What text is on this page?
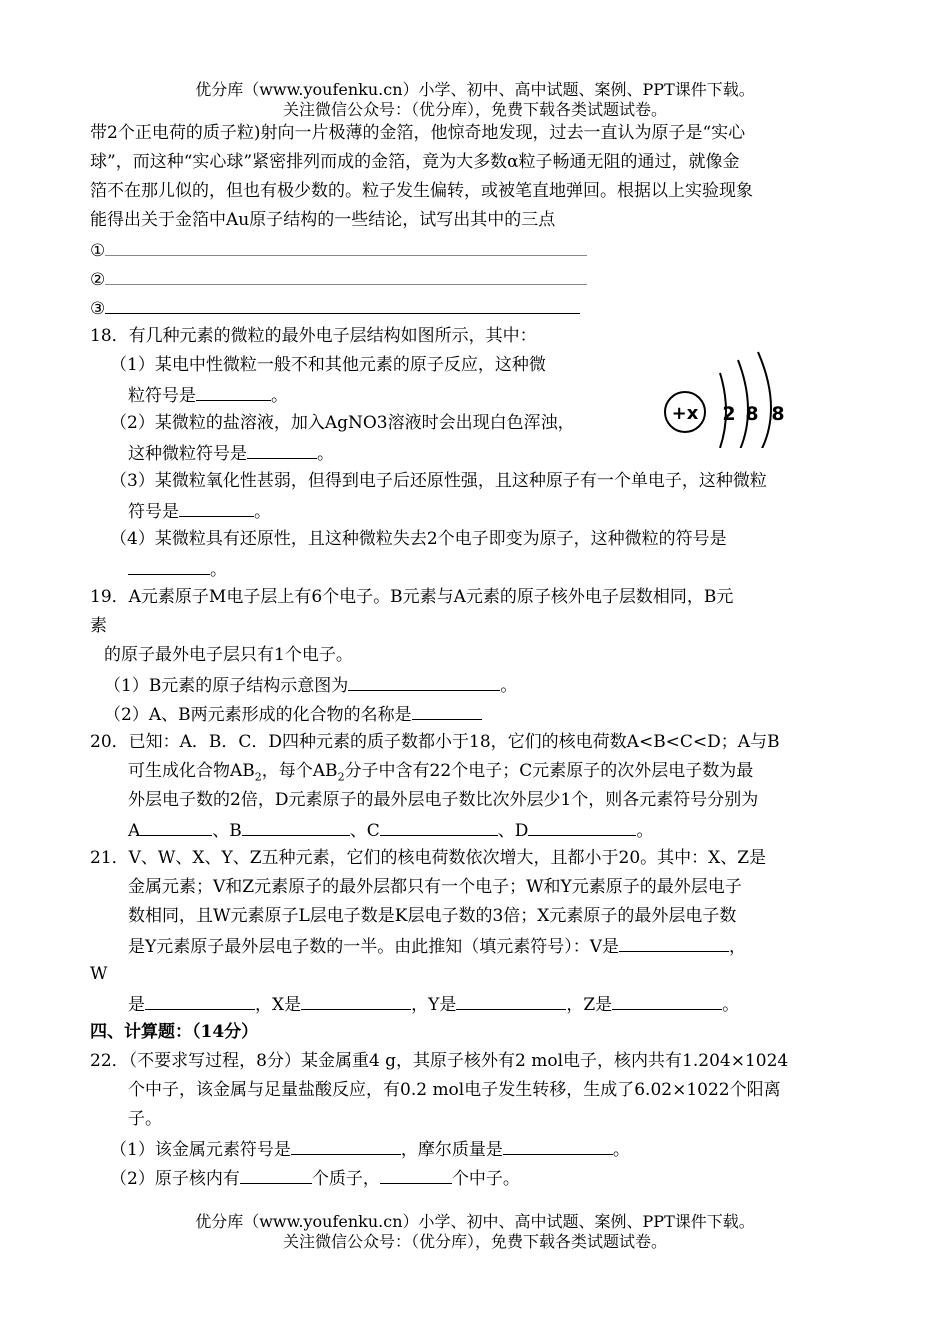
优分库（www.youfenku.cn）小学、初中、高中试题、案例、PPT课件下载。
关注微信公众号：（优分库），免费下载各类试题试卷。
带2个正电荷的质子粒)射向一片极薄的金箔，他惊奇地发现，过去一直认为原子是“实心
球”，而这种“实心球”紧密排列而成的金箔，竟为大多数α粒子畅通无阻的通过，就像金
箔不在那儿似的，但也有极少数的。粒子发生偏转，或被笔直地弹回。根据以上实验现象
能得出关于金箔中Au原子结构的一些结论，试写出其中的三点
①
②
③
18．有几种元素的微粒的最外电子层结构如图所示，其中：
（1）某电中性微粒一般不和其他元素的原子反应，这种微
粒符号是	。
（2）某微粒的盐溶液，加入AgNO3溶液时会出现白色浑浊，
这种微粒符号是	。
（3）某微粒氧化性甚弱，但得到电子后还原性强，且这种原子有一个单电子，这种微粒
符号是	。
（4）某微粒具有还原性，且这种微粒失去2个电子即变为原子，这种微粒的符号是
。
+x 2 8 8
19．A元素原子M电子层上有6个电子。B元素与A元素的原子核外电子层数相同，B元
素
的原子最外电子层只有1个电子。
（1）B元素的原子结构示意图为	。
（2）A、B两元素形成的化合物的名称是
20．已知：A．B．C．D四种元素的质子数都小于18，它们的核电荷数A<B<C<D；A与B
可生成化合物$AB_2$，每个$AB_2$分子中含有22个电子；C元素原子的次外层电子数为最
外层电子数的2倍，D元素原子的最外层电子数比次外层少1个，则各元素符号分别为
A	、B	、C	、D	。
21．V、W、X、Y、Z五种元素，它们的核电荷数依次增大，且都小于20。其中：X、Z是
金属元素；V和Z元素原子的最外层都只有一个电子；W和Y元素原子的最外层电子
数相同，且W元素原子L层电子数是K层电子数的3倍；X元素原子的最外层电子数
是Y元素原子最外层电子数的一半。由此推知（填元素符号）：V是	，
W
是	，X是	，Y是	，Z是	。
四、计算题：（14分）
22．（不要求写过程，8分）某金属重4 g，其原子核外有2 mol电子，核内共有1.204×1024
个中子，该金属与足量盐酸反应，有0.2 mol电子发生转移，生成了6.02×1022个阳离
子。
（1）该金属元素符号是	，摩尔质量是	。
（2）原子核内有	个质子，	个中子。
优分库（www.youfenku.cn）小学、初中、高中试题、案例、PPT课件下载。
关注微信公众号：（优分库），免费下载各类试题试卷。
